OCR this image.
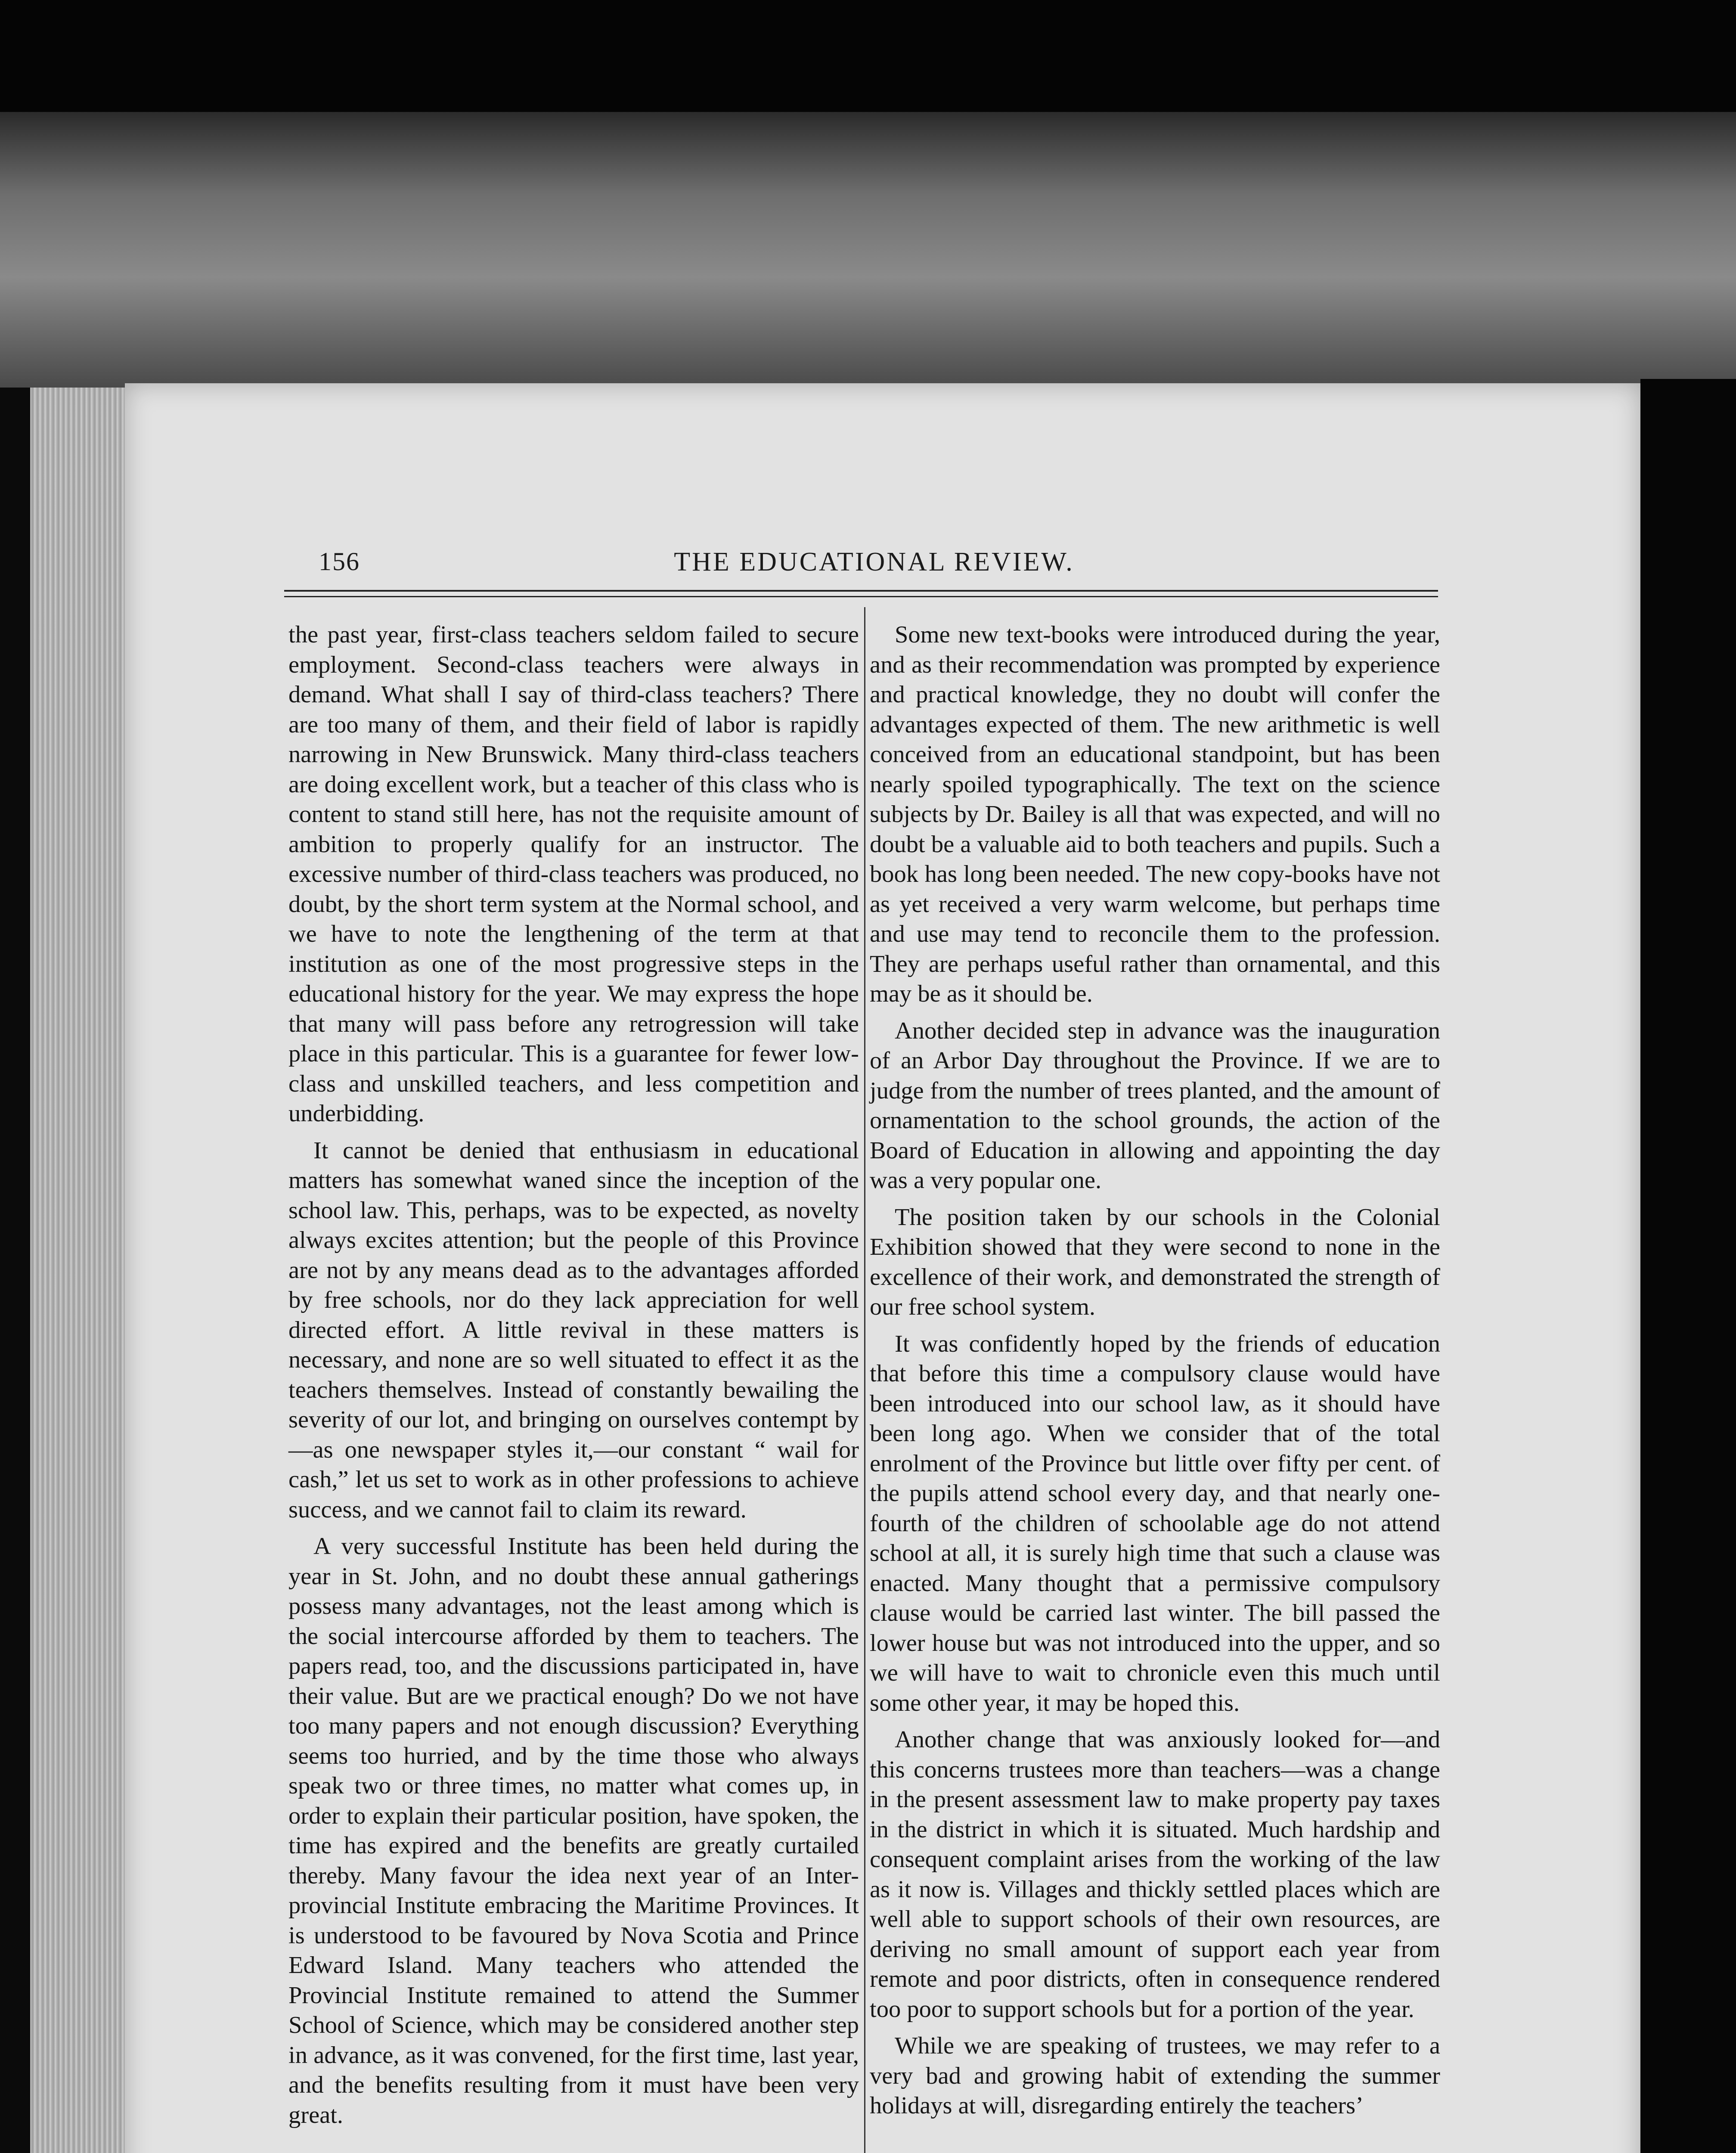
156	THE EDUCATIONAL REVIEW.

the past year, first-class teachers seldom failed to secure employment. Second-class teachers were always in demand. What shall I say of third-class teachers? There are too many of them, and their field of labor is rapidly narrowing in New Brunswick. Many third-class teachers are doing excellent work, but a teacher of this class who is content to stand still here, has not the requisite amount of ambition to properly qualify for an instructor. The excessive number of third-class teachers was produced, no doubt, by the short term system at the Normal school, and we have to note the lengthening of the term at that institution as one of the most progressive steps in the educational history for the year. We may express the hope that many will pass before any retrogression will take place in this particular. This is a guarantee for fewer low-class and unskilled teachers, and less competition and underbidding.

It cannot be denied that enthusiasm in educational matters has somewhat waned since the inception of the school law. This, perhaps, was to be expected, as novelty always excites attention; but the people of this Province are not by any means dead as to the advantages afforded by free schools, nor do they lack appreciation for well directed effort. A little revival in these matters is necessary, and none are so well situated to effect it as the teachers themselves. Instead of constantly bewailing the severity of our lot, and bringing on ourselves contempt by—as one newspaper styles it,—our constant “ wail for cash,” let us set to work as in other professions to achieve success, and we cannot fail to claim its reward.

A very successful Institute has been held during the year in St. John, and no doubt these annual gatherings possess many advantages, not the least among which is the social intercourse afforded by them to teachers. The papers read, too, and the discussions participated in, have their value. But are we practical enough? Do we not have too many papers and not enough discussion? Everything seems too hurried, and by the time those who always speak two or three times, no matter what comes up, in order to explain their particular position, have spoken, the time has expired and the benefits are greatly curtailed thereby. Many favour the idea next year of an Inter-provincial Institute embracing the Maritime Provinces. It is understood to be favoured by Nova Scotia and Prince Edward Island. Many teachers who attended the Provincial Institute remained to attend the Summer School of Science, which may be considered another step in advance, as it was convened, for the first time, last year, and the benefits resulting from it must have been very great.

Some new text-books were introduced during the year, and as their recommendation was prompted by experience and practical knowledge, they no doubt will confer the advantages expected of them. The new arithmetic is well conceived from an educational standpoint, but has been nearly spoiled typographically. The text on the science subjects by Dr. Bailey is all that was expected, and will no doubt be a valuable aid to both teachers and pupils. Such a book has long been needed. The new copy-books have not as yet received a very warm welcome, but perhaps time and use may tend to reconcile them to the profession. They are perhaps useful rather than ornamental, and this may be as it should be.

Another decided step in advance was the inauguration of an Arbor Day throughout the Province. If we are to judge from the number of trees planted, and the amount of ornamentation to the school grounds, the action of the Board of Education in allowing and appointing the day was a very popular one.

The position taken by our schools in the Colonial Exhibition showed that they were second to none in the excellence of their work, and demonstrated the strength of our free school system.

It was confidently hoped by the friends of education that before this time a compulsory clause would have been introduced into our school law, as it should have been long ago. When we consider that of the total enrolment of the Province but little over fifty per cent. of the pupils attend school every day, and that nearly one-fourth of the children of schoolable age do not attend school at all, it is surely high time that such a clause was enacted. Many thought that a permissive compulsory clause would be carried last winter. The bill passed the lower house but was not introduced into the upper, and so we will have to wait to chronicle even this much until some other year, it may be hoped this.

Another change that was anxiously looked for—and this concerns trustees more than teachers—was a change in the present assessment law to make property pay taxes in the district in which it is situated. Much hardship and consequent complaint arises from the working of the law as it now is. Villages and thickly settled places which are well able to support schools of their own resources, are deriving no small amount of support each year from remote and poor districts, often in consequence rendered too poor to support schools but for a portion of the year.

While we are speaking of trustees, we may refer to a very bad and growing habit of extending the summer holidays at will, disregarding entirely the teachers’
